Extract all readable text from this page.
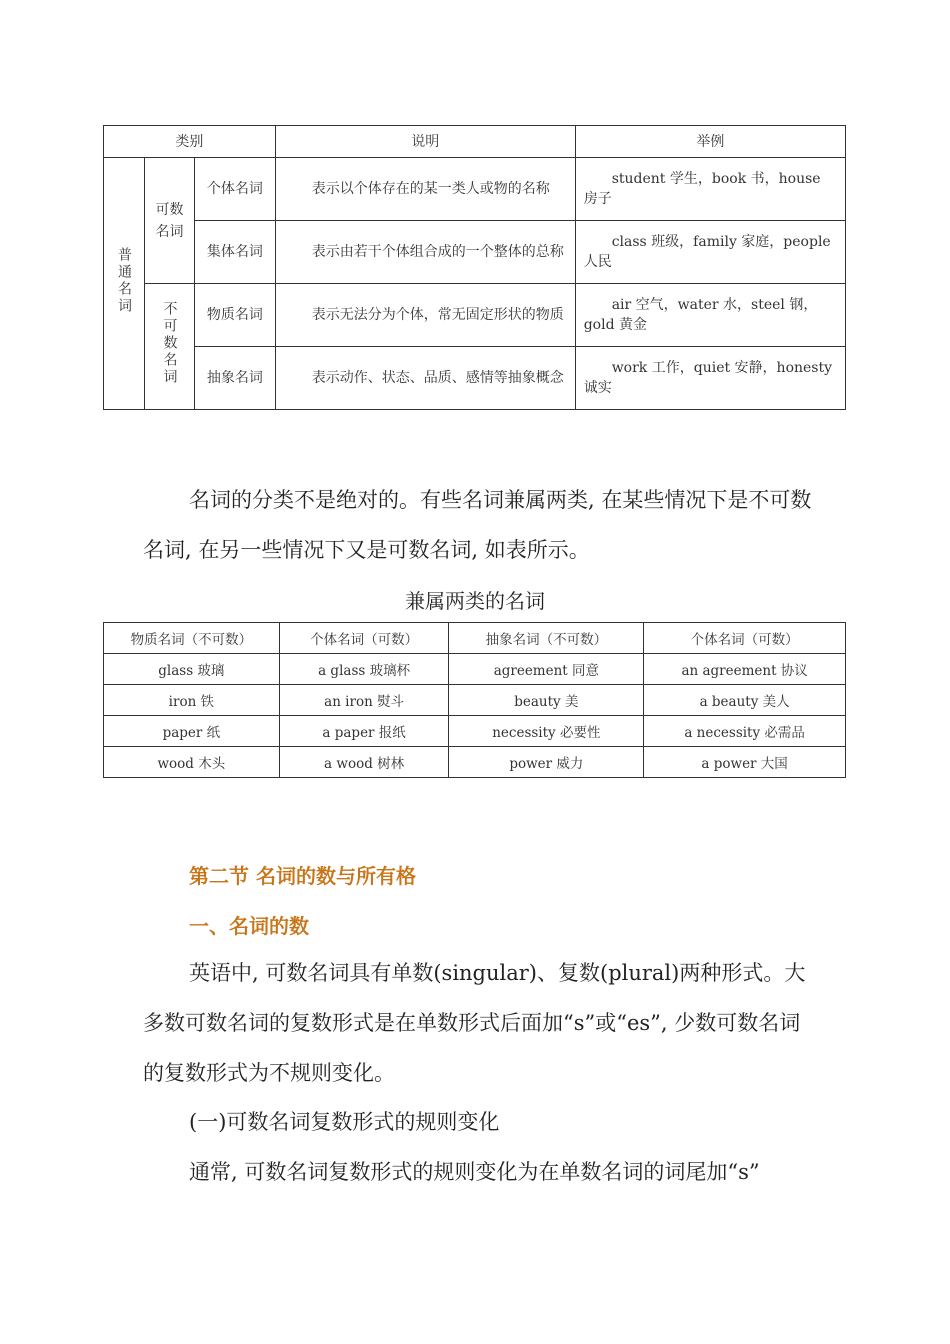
类别			说明	举例
普通名词	可数名词	个体名词	表示以个体存在的某一类人或物的名称	student 学生，book 书，house 房子
		集体名词	表示由若干个体组合成的一个整体的总称	class 班级，family 家庭，people 人民
	不可数名词	物质名词	表示无法分为个体，常无固定形状的物质	air 空气，water 水，steel 钢，gold 黄金
		抽象名词	表示动作、状态、品质、感情等抽象概念	work 工作，quiet 安静，honesty 诚实
名词的分类不是绝对的。有些名词兼属两类, 在某些情况下是不可数名词, 在另一些情况下又是可数名词, 如表所示。
兼属两类的名词
物质名词（不可数）	个体名词（可数）	抽象名词（不可数）	个体名词（可数）
glass 玻璃	a glass 玻璃杯	agreement 同意	an agreement 协议
iron 铁	an iron 熨斗	beauty 美	a beauty 美人
paper 纸	a paper 报纸	necessity 必要性	a necessity 必需品
wood 木头	a wood 树林	power 威力	a power 大国
第二节 名词的数与所有格
一、名词的数
英语中, 可数名词具有单数(singular)、复数(plural)两种形式。大多数可数名词的复数形式是在单数形式后面加“s”或“es”, 少数可数名词的复数形式为不规则变化。
(一)可数名词复数形式的规则变化
通常, 可数名词复数形式的规则变化为在单数名词的词尾加“s”
